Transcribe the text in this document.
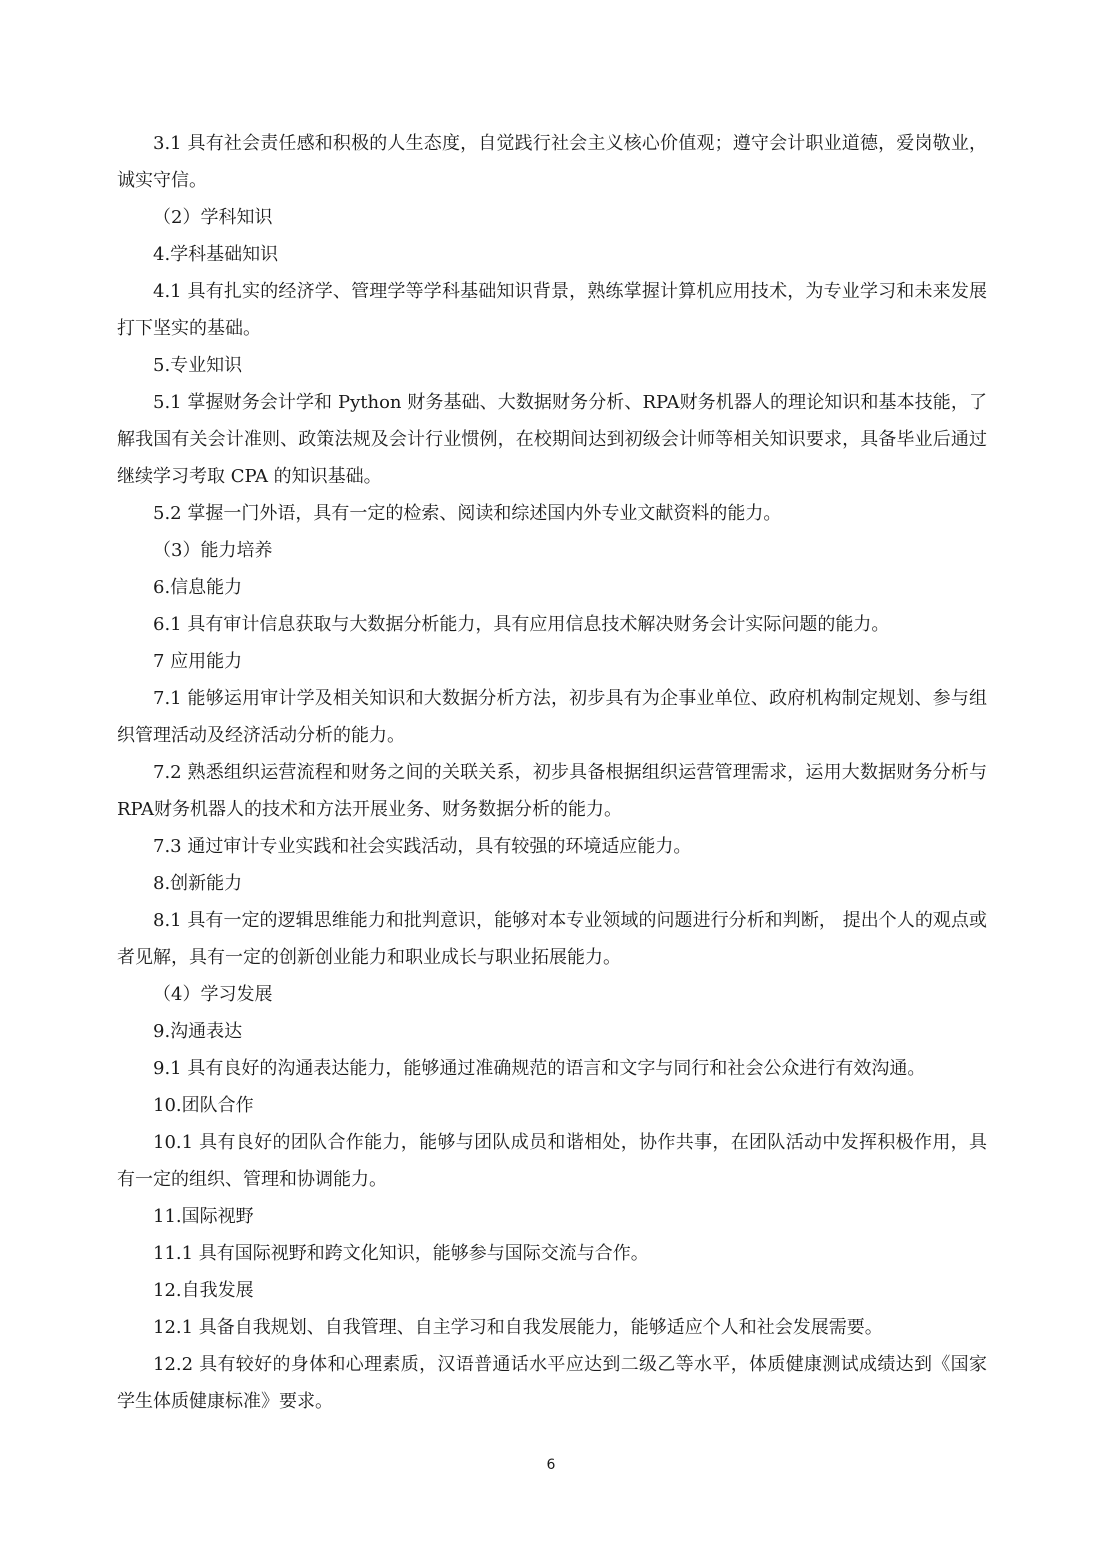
3.1 具有社会责任感和积极的人生态度，自觉践行社会主义核心价值观；遵守会计职业道德，爱岗敬业，诚实守信。

（2）学科知识

4.学科基础知识

4.1 具有扎实的经济学、管理学等学科基础知识背景，熟练掌握计算机应用技术，为专业学习和未来发展打下坚实的基础。

5.专业知识

5.1 掌握财务会计学和 Python 财务基础、大数据财务分析、RPA财务机器人的理论知识和基本技能，了解我国有关会计准则、政策法规及会计行业惯例，在校期间达到初级会计师等相关知识要求，具备毕业后通过继续学习考取 CPA 的知识基础。

5.2 掌握一门外语，具有一定的检索、阅读和综述国内外专业文献资料的能力。

（3）能力培养

6.信息能力

6.1 具有审计信息获取与大数据分析能力，具有应用信息技术解决财务会计实际问题的能力。

7 应用能力

7.1 能够运用审计学及相关知识和大数据分析方法，初步具有为企事业单位、政府机构制定规划、参与组织管理活动及经济活动分析的能力。

7.2 熟悉组织运营流程和财务之间的关联关系，初步具备根据组织运营管理需求，运用大数据财务分析与RPA财务机器人的技术和方法开展业务、财务数据分析的能力。

7.3 通过审计专业实践和社会实践活动，具有较强的环境适应能力。

8.创新能力

8.1 具有一定的逻辑思维能力和批判意识，能够对本专业领域的问题进行分析和判断， 提出个人的观点或者见解，具有一定的创新创业能力和职业成长与职业拓展能力。

（4）学习发展

9.沟通表达

9.1 具有良好的沟通表达能力，能够通过准确规范的语言和文字与同行和社会公众进行有效沟通。

10.团队合作

10.1 具有良好的团队合作能力，能够与团队成员和谐相处，协作共事，在团队活动中发挥积极作用，具有一定的组织、管理和协调能力。

11.国际视野

11.1 具有国际视野和跨文化知识，能够参与国际交流与合作。

12.自我发展

12.1 具备自我规划、自我管理、自主学习和自我发展能力，能够适应个人和社会发展需要。

12.2 具有较好的身体和心理素质，汉语普通话水平应达到二级乙等水平，体质健康测试成绩达到《国家学生体质健康标准》要求。

6
